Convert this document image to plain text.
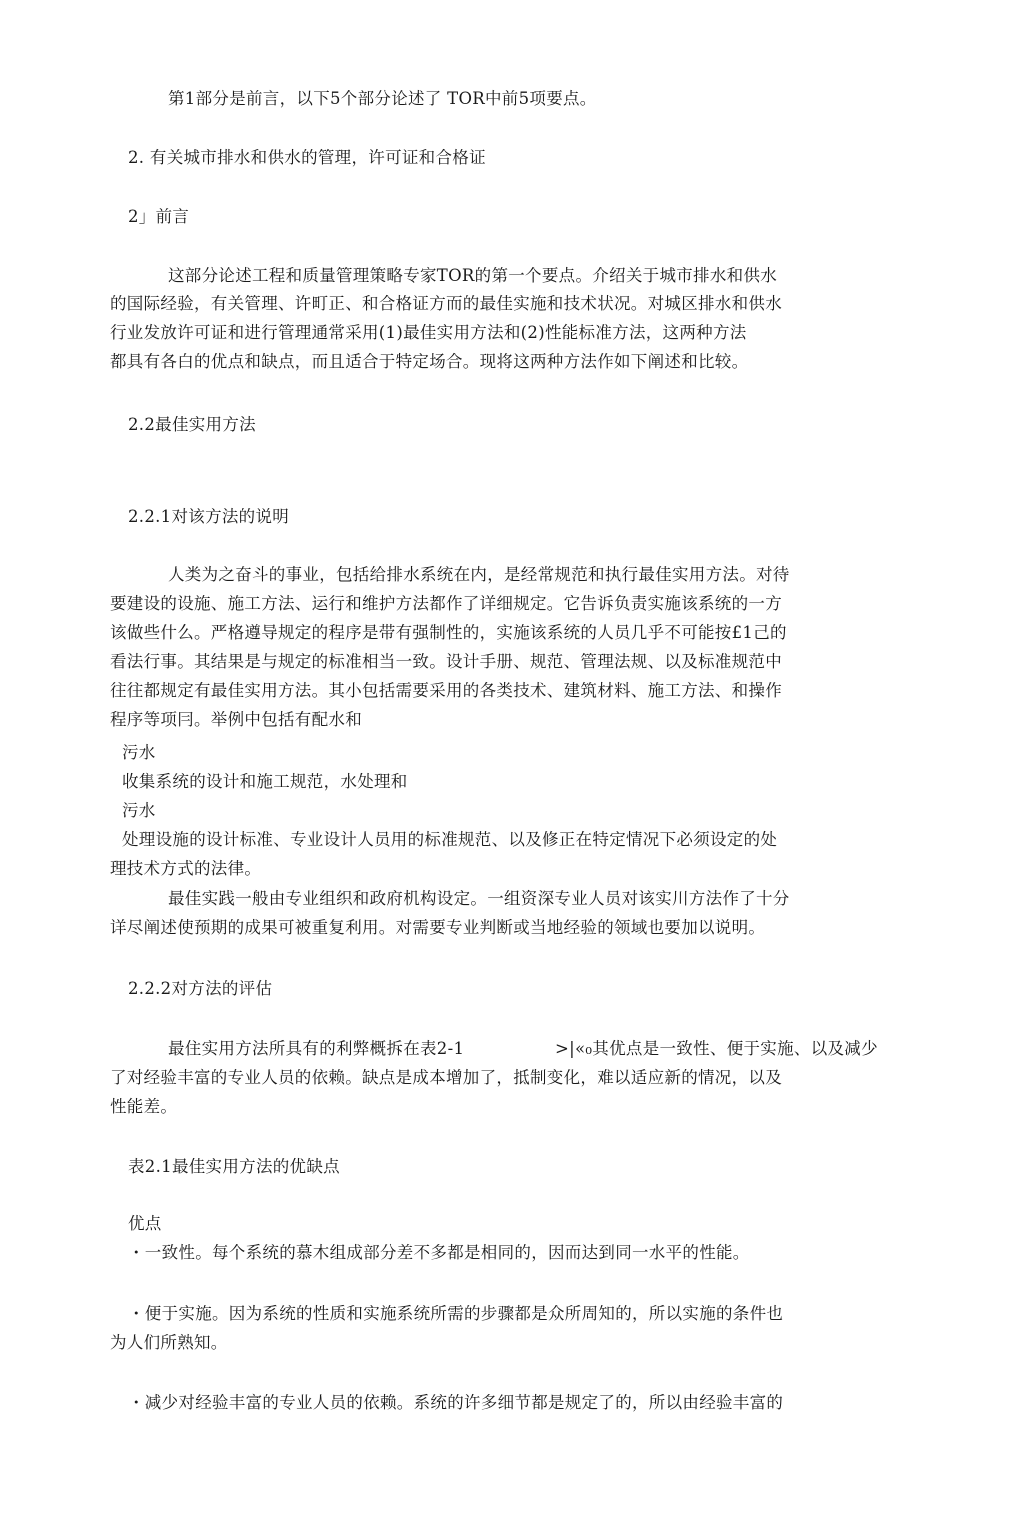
第1部分是前言，以下5个部分论述了 TOR中前5项要点。
2. 有关城市排水和供水的管理，许可证和合格证
2」前言
这部分论述工程和质量管理策略专家TOR的第一个要点。介绍关于城市排水和供水
的国际经验，有关管理、许町正、和合格证方而的最佳实施和技术状况。对城区排水和供水
行业发放许可证和进行管理通常采用(1)最佳实用方法和(2)性能标准方法，这两种方法
都具有各白的优点和缺点，而且适合于特定场合。现将这两种方法作如下阐述和比较。
2.2最佳实用方法
2.2.1对该方法的说明
人类为之奋斗的事业，包括给排水系统在内，是经常规范和执行最佳实用方法。对待
要建设的设施、施工方法、运行和维护方法都作了详细规定。它告诉负责实施该系统的一方
该做些什么。严格遵导规定的程序是带有强制性的，实施该系统的人员几乎不可能按£1己的
看法行事。其结果是与规定的标准相当一致。设计手册、规范、管理法规、以及标准规范中
往往都规定有最佳实用方法。其小包括需要采用的各类技术、建筑材料、施工方法、和操作
程序等项冃。举例中包括有配水和
污水
收集系统的设计和施工规范，水处理和
污水
处理设施的设计标准、专业设计人员用的标准规范、以及修正在特定情况下必须设定的处
理技术方式的法律。
最佳实践一般由专业组织和政府机构设定。一组资深专业人员对该实川方法作了十分
详尽阐述使预期的成果可被重复利用。对需要专业判断或当地经验的领域也要加以说明。
2.2.2对方法的评估
最住实用方法所具有的利弊概拆在表2-1	>|«₀其优点是一致性、便于实施、以及减少
了对经验丰富的专业人员的依赖。缺点是成本增加了，抵制变化，难以适应新的情况，以及
性能差。
表2.1最佳实用方法的优缺点
优点
・一致性。每个系统的慕木组成部分差不多都是相同的，因而达到同一水平的性能。
・便于实施。因为系统的性质和实施系统所需的步骤都是众所周知的，所以实施的条件也
为人们所熟知。
・减少对经验丰富的专业人员的依赖。系统的许多细节都是规定了的，所以由经验丰富的
